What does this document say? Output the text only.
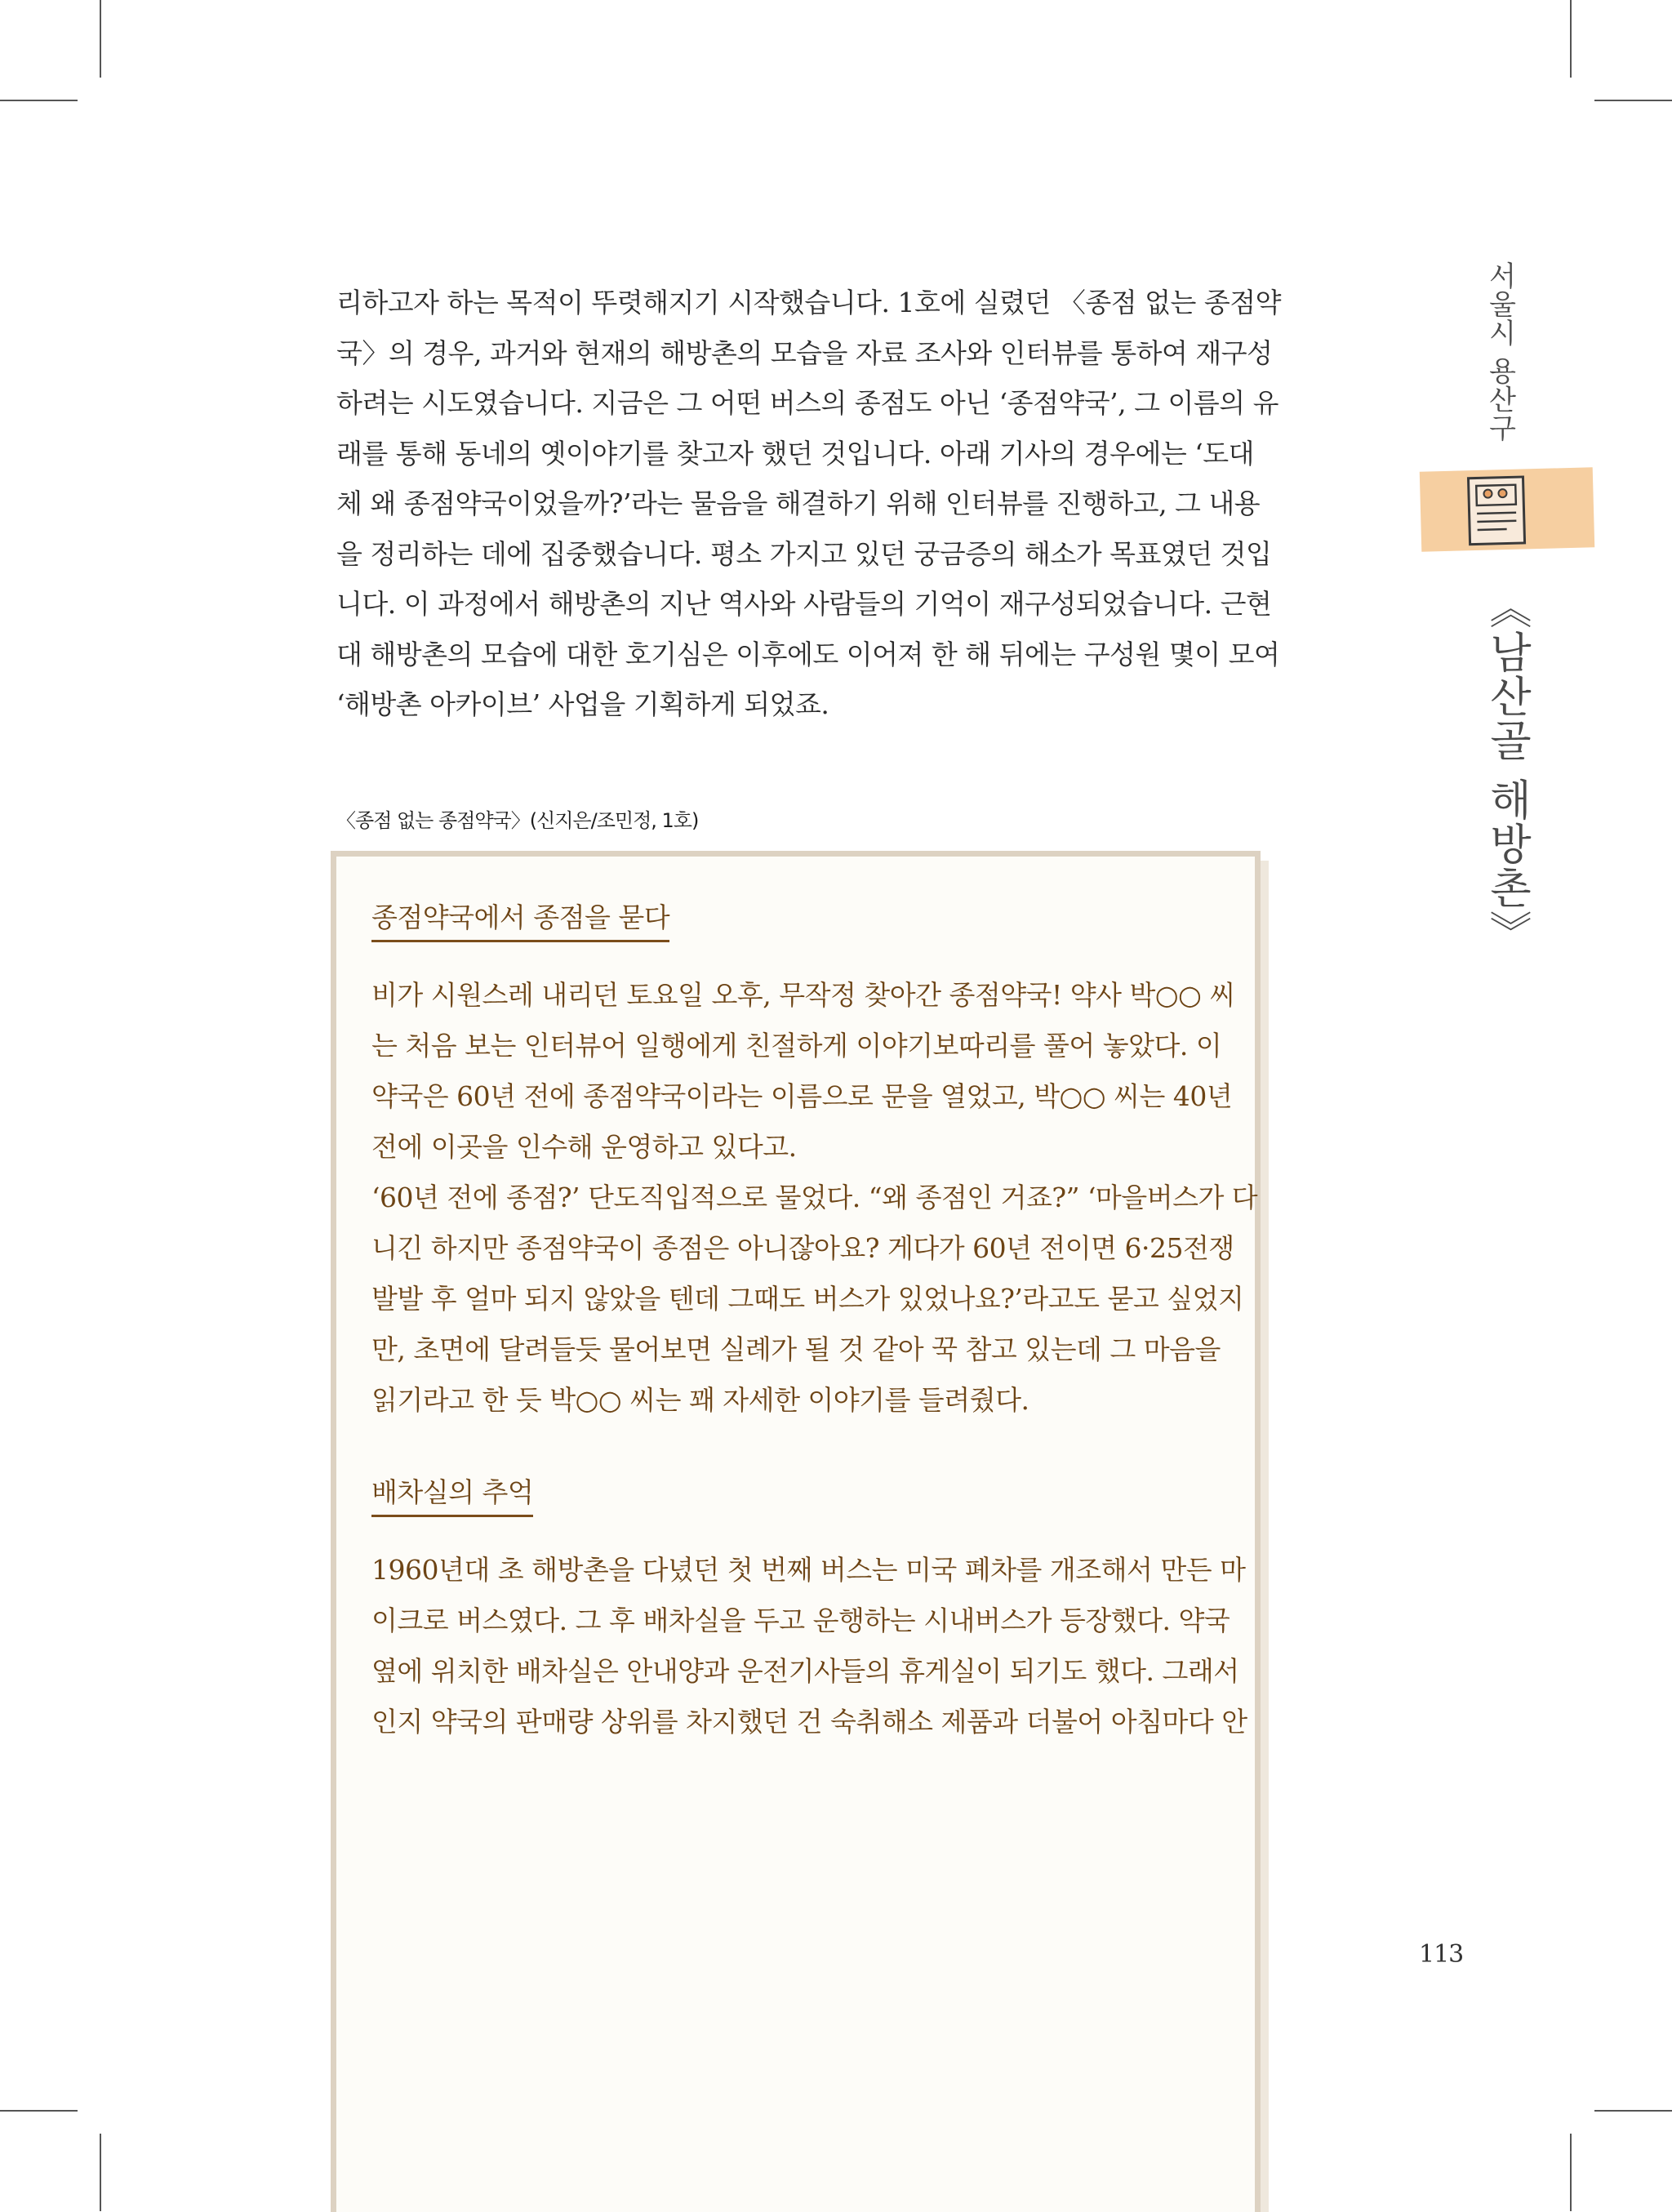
리하고자 하는 목적이 뚜렷해지기 시작했습니다. 1호에 실렸던 〈종점 없는 종점약
국〉의 경우, 과거와 현재의 해방촌의 모습을 자료 조사와 인터뷰를 통하여 재구성
하려는 시도였습니다. 지금은 그 어떤 버스의 종점도 아닌 ‘종점약국’, 그 이름의 유
래를 통해 동네의 옛이야기를 찾고자 했던 것입니다. 아래 기사의 경우에는 ‘도대
체 왜 종점약국이었을까?’라는 물음을 해결하기 위해 인터뷰를 진행하고, 그 내용
을 정리하는 데에 집중했습니다. 평소 가지고 있던 궁금증의 해소가 목표였던 것입
니다. 이 과정에서 해방촌의 지난 역사와 사람들의 기억이 재구성되었습니다. 근현
대 해방촌의 모습에 대한 호기심은 이후에도 이어져 한 해 뒤에는 구성원 몇이 모여
‘해방촌 아카이브’ 사업을 기획하게 되었죠.
〈종점 없는 종점약국〉(신지은/조민정, 1호)
종점약국에서 종점을 묻다
비가 시원스레 내리던 토요일 오후, 무작정 찾아간 종점약국! 약사 박○○ 씨
는 처음 보는 인터뷰어 일행에게 친절하게 이야기보따리를 풀어 놓았다. 이
약국은 60년 전에 종점약국이라는 이름으로 문을 열었고, 박○○ 씨는 40년
전에 이곳을 인수해 운영하고 있다고.
‘60년 전에 종점?’ 단도직입적으로 물었다. “왜 종점인 거죠?” ‘마을버스가 다
니긴 하지만 종점약국이 종점은 아니잖아요? 게다가 60년 전이면 6·25전쟁
발발 후 얼마 되지 않았을 텐데 그때도 버스가 있었나요?’라고도 묻고 싶었지
만, 초면에 달려들듯 물어보면 실례가 될 것 같아 꾹 참고 있는데 그 마음을
읽기라고 한 듯 박○○ 씨는 꽤 자세한 이야기를 들려줬다.
배차실의 추억
1960년대 초 해방촌을 다녔던 첫 번째 버스는 미국 폐차를 개조해서 만든 마
이크로 버스였다. 그 후 배차실을 두고 운행하는 시내버스가 등장했다. 약국
옆에 위치한 배차실은 안내양과 운전기사들의 휴게실이 되기도 했다. 그래서
인지 약국의 판매량 상위를 차지했던 건 숙취해소 제품과 더불어 아침마다 안
서울시 용산구
《남산골 해방촌》
113
